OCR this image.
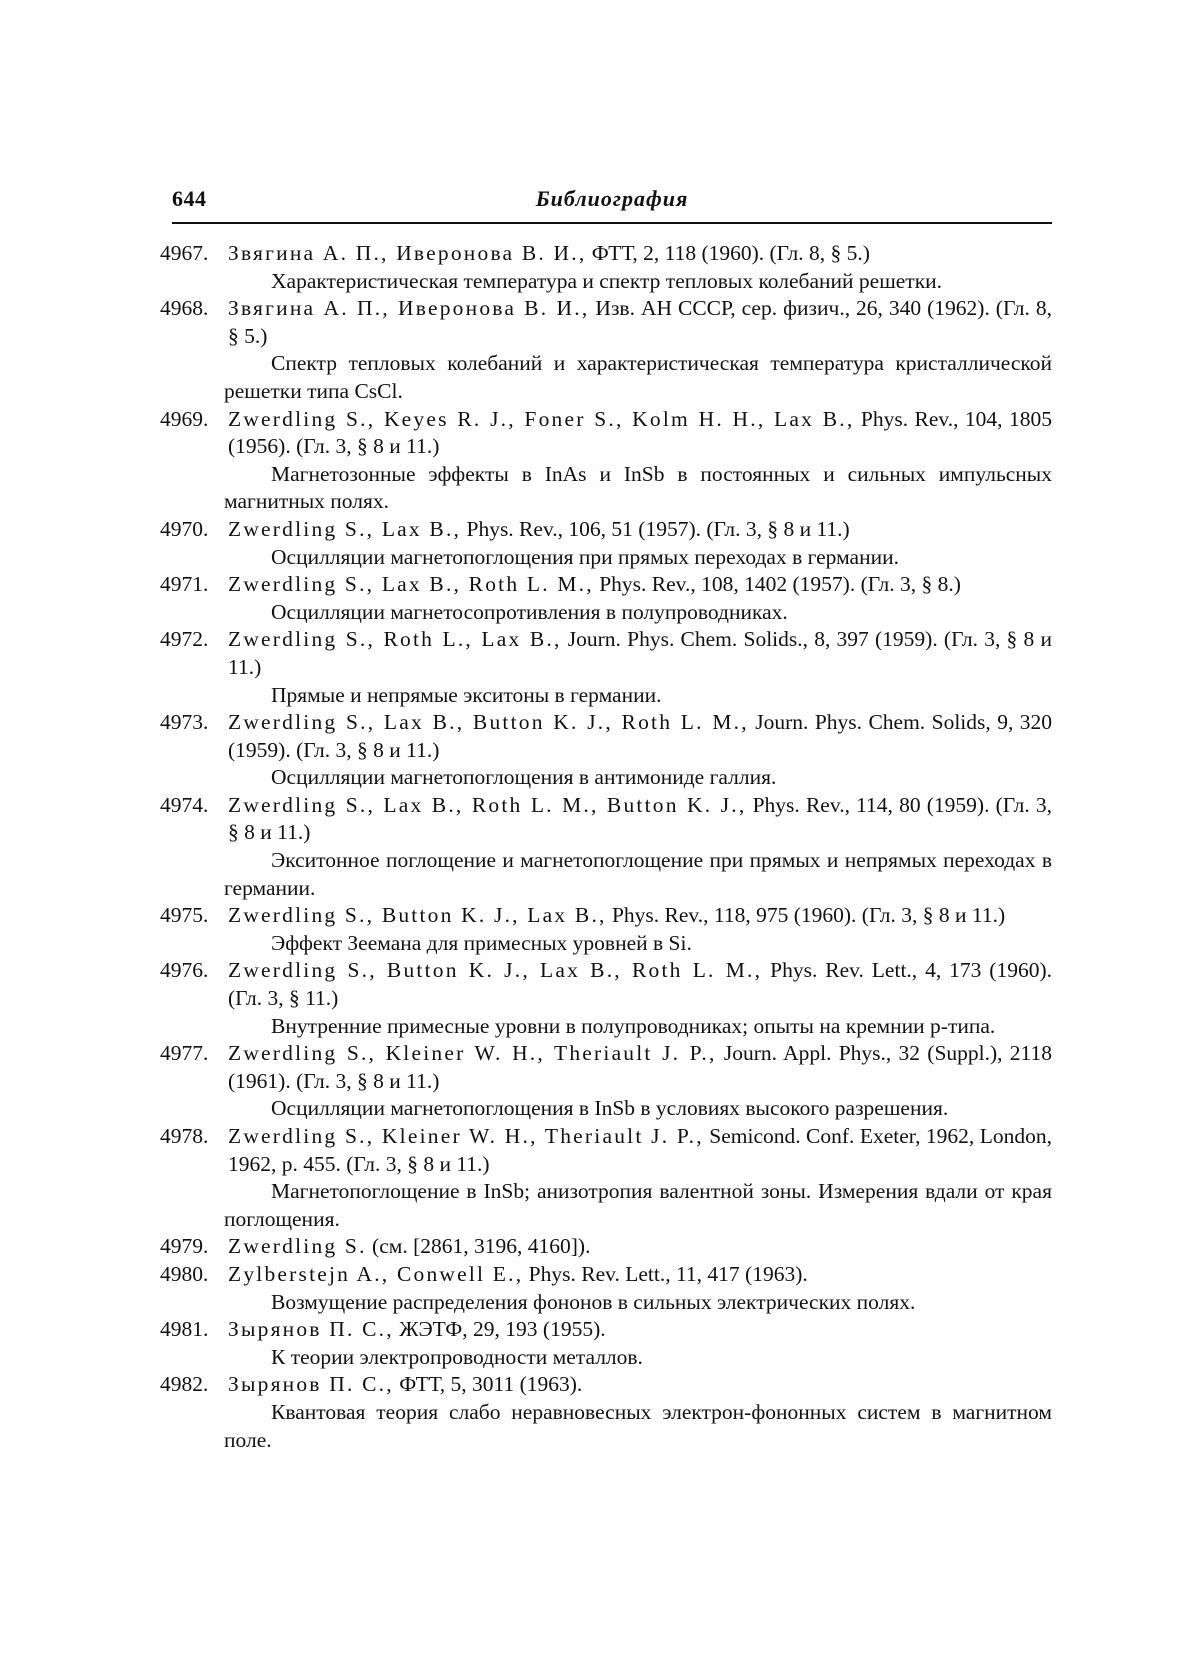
644	Библиография
4967. Звягина А. П., Иверонова В. И., ФТТ, 2, 118 (1960). (Гл. 8, § 5.)
Характеристическая температура и спектр тепловых колебаний решетки.
4968. Звягина А. П., Иверонова В. И., Изв. АН СССР, сер. физич., 26, 340 (1962). (Гл. 8, § 5.)
Спектр тепловых колебаний и характеристическая температура кристаллической решетки типа CsCl.
4969. Zwerdling S., Keyes R. J., Foner S., Kolm H. H., Lax B., Phys. Rev., 104, 1805 (1956). (Гл. 3, § 8 и 11.)
Магнетозонные эффекты в InAs и InSb в постоянных и сильных импульсных магнитных полях.
4970. Zwerdling S., Lax B., Phys. Rev., 106, 51 (1957). (Гл. 3, § 8 и 11.)
Осцилляции магнетопоглощения при прямых переходах в германии.
4971. Zwerdling S., Lax B., Roth L. M., Phys. Rev., 108, 1402 (1957). (Гл. 3, § 8.)
Осцилляции магнетосопротивления в полупроводниках.
4972. Zwerdling S., Roth L., Lax B., Journ. Phys. Chem. Solids., 8, 397 (1959). (Гл. 3, § 8 и 11.)
Прямые и непрямые экситоны в германии.
4973. Zwerdling S., Lax B., Button K. J., Roth L. M., Journ. Phys. Chem. Solids, 9, 320 (1959). (Гл. 3, § 8 и 11.)
Осцилляции магнетопоглощения в антимониде галлия.
4974. Zwerdling S., Lax B., Roth L. M., Button K. J., Phys. Rev., 114, 80 (1959). (Гл. 3, § 8 и 11.)
Экситонное поглощение и магнетопоглощение при прямых и непрямых переходах в германии.
4975. Zwerdling S., Button K. J., Lax B., Phys. Rev., 118, 975 (1960). (Гл. 3, § 8 и 11.)
Эффект Зеемана для примесных уровней в Si.
4976. Zwerdling S., Button K. J., Lax B., Roth L. M., Phys. Rev. Lett., 4, 173 (1960). (Гл. 3, § 11.)
Внутренние примесные уровни в полупроводниках; опыты на кремнии p-типа.
4977. Zwerdling S., Kleiner W. H., Theriault J. P., Journ. Appl. Phys., 32 (Suppl.), 2118 (1961). (Гл. 3, § 8 и 11.)
Осцилляции магнетопоглощения в InSb в условиях высокого разрешения.
4978. Zwerdling S., Kleiner W. H., Theriault J. P., Semicond. Conf. Exeter, 1962, London, 1962, p. 455. (Гл. 3, § 8 и 11.)
Магнетопоглощение в InSb; анизотропия валентной зоны. Измерения вдали от края поглощения.
4979. Zwerdling S. (см. [2861, 3196, 4160]).
4980. Zylberstejn A., Conwell E., Phys. Rev. Lett., 11, 417 (1963).
Возмущение распределения фононов в сильных электрических полях.
4981. Зырянов П. С., ЖЭТФ, 29, 193 (1955).
К теории электропроводности металлов.
4982. Зырянов П. С., ФТТ, 5, 3011 (1963).
Квантовая теория слабо неравновесных электрон-фононных систем в магнитном поле.
